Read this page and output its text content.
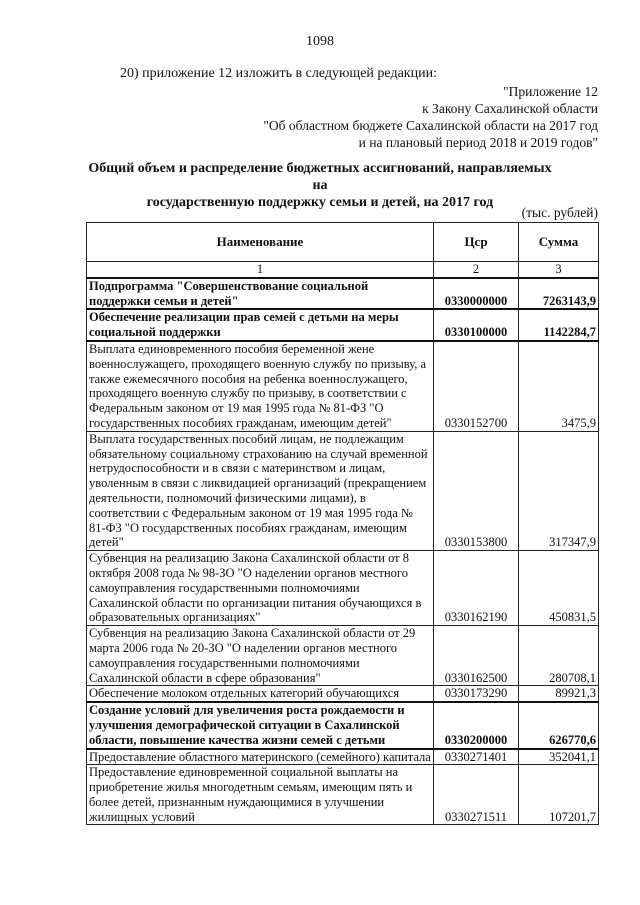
1098
20) приложение 12 изложить в следующей редакции:
"Приложение 12
к Закону Сахалинской области
"Об областном бюджете Сахалинской области на 2017 год
и на плановый период 2018 и 2019 годов"
Общий объем и распределение бюджетных ассигнований, направляемых на
государственную поддержку семьи и детей, на 2017 год
(тыс. рублей)
Наименование	Цср	Сумма
1	2	3
Подпрограмма "Совершенствование социальной поддержки семьи и детей"	0330000000	7263143,9
Обеспечение реализации прав семей с детьми на меры социальной поддержки	0330100000	1142284,7
Выплата единовременного пособия беременной жене военнослужащего, проходящего военную службу по призыву, а также ежемесячного пособия на ребенка военнослужащего, проходящего военную службу по призыву, в соответствии с Федеральным законом от 19 мая 1995 года № 81-ФЗ "О государственных пособиях гражданам, имеющим детей"	0330152700	3475,9
Выплата государственных пособий лицам, не подлежащим обязательному социальному страхованию на случай временной нетрудоспособности и в связи с материнством и лицам, уволенным в связи с ликвидацией организаций (прекращением деятельности, полномочий физическими лицами), в соответствии с Федеральным законом от 19 мая 1995 года № 81-ФЗ "О государственных пособиях гражданам, имеющим детей"	0330153800	317347,9
Субвенция на реализацию Закона Сахалинской области от 8 октября 2008 года № 98-ЗО "О наделении органов местного самоуправления государственными полномочиями Сахалинской области по организации питания обучающихся в образовательных организациях"	0330162190	450831,5
Субвенция на реализацию Закона Сахалинской области от 29 марта 2006 года № 20-ЗО "О наделении органов местного самоуправления государственными полномочиями Сахалинской области в сфере образования"	0330162500	280708,1
Обеспечение молоком отдельных категорий обучающихся	0330173290	89921,3
Создание условий для увеличения роста рождаемости и улучшения демографической ситуации в Сахалинской области, повышение качества жизни семей с детьми	0330200000	626770,6
Предоставление областного материнского (семейного) капитала	0330271401	352041,1
Предоставление единовременной социальной выплаты на приобретение жилья многодетным семьям, имеющим пять и более детей, признанным нуждающимися в улучшении жилищных условий	0330271511	107201,7
